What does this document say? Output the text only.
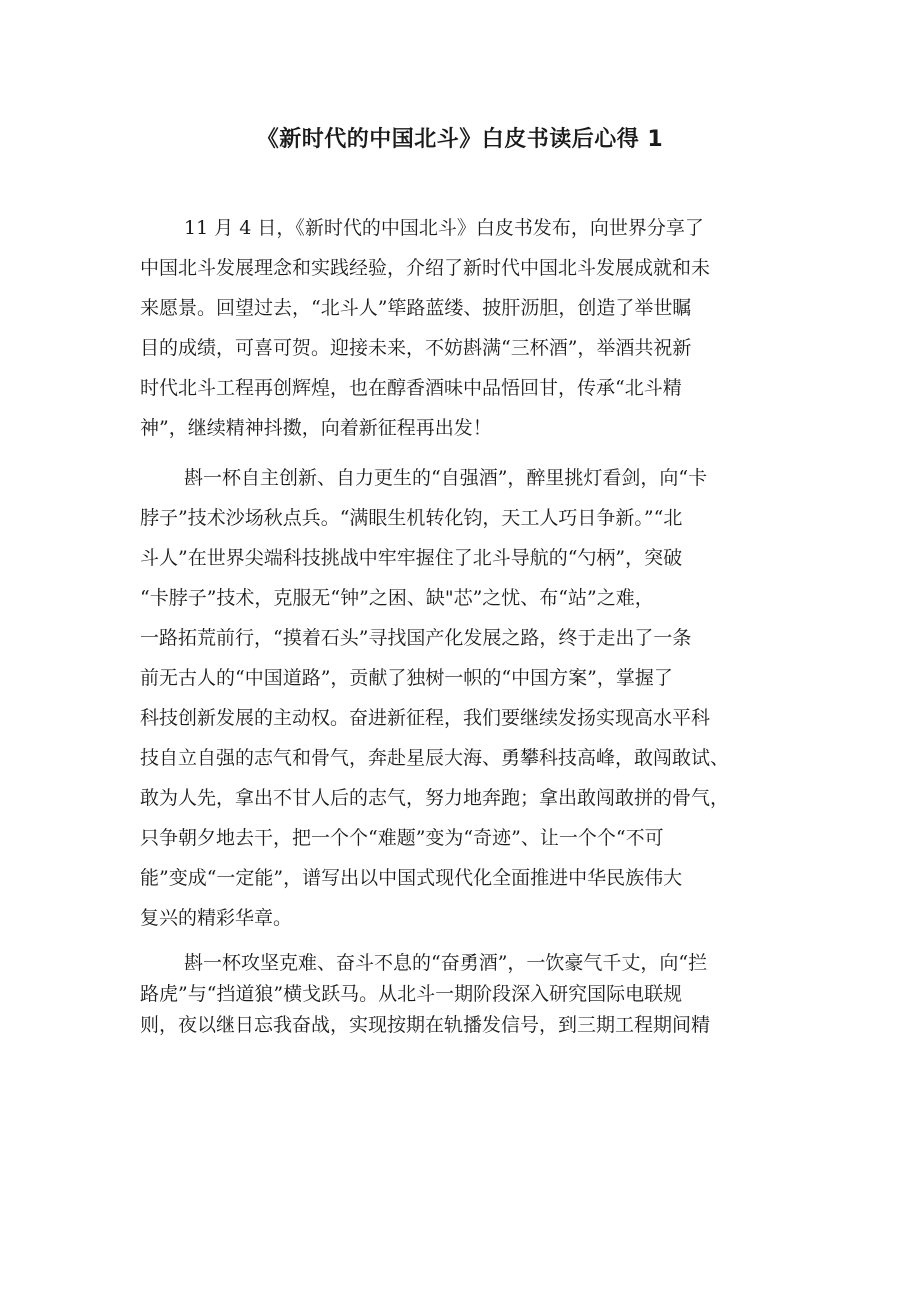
《新时代的中国北斗》白皮书读后心得 1
11 月 4 日，《新时代的中国北斗》白皮书发布，向世界分享了
中国北斗发展理念和实践经验，介绍了新时代中国北斗发展成就和未
来愿景。回望过去，“北斗人”筚路蓝缕、披肝沥胆，创造了举世瞩
目的成绩，可喜可贺。迎接未来，不妨斟满“三杯酒”，举酒共祝新
时代北斗工程再创辉煌，也在醇香酒味中品悟回甘，传承“北斗精
神”，继续精神抖擞，向着新征程再出发！
斟一杯自主创新、自力更生的“自强酒”，醉里挑灯看剑，向“卡
脖子”技术沙场秋点兵。“满眼生机转化钧，天工人巧日争新。”“北
斗人”在世界尖端科技挑战中牢牢握住了北斗导航的“勺柄”，突破
“卡脖子”技术，克服无“钟”之困、缺"芯”之忧、布“站”之难，
一路拓荒前行，“摸着石头”寻找国产化发展之路，终于走出了一条
前无古人的“中国道路”，贡献了独树一帜的“中国方案”，掌握了
科技创新发展的主动权。奋进新征程，我们要继续发扬实现高水平科
技自立自强的志气和骨气，奔赴星辰大海、勇攀科技高峰，敢闯敢试、
敢为人先，拿出不甘人后的志气，努力地奔跑；拿出敢闯敢拼的骨气，
只争朝夕地去干，把一个个“难题”变为“奇迹”、让一个个“不可
能”变成“一定能”，谱写出以中国式现代化全面推进中华民族伟大
复兴的精彩华章。
斟一杯攻坚克难、奋斗不息的“奋勇酒”，一饮豪气千丈，向“拦
路虎”与“挡道狼”横戈跃马。从北斗一期阶段深入研究国际电联规
则，夜以继日忘我奋战，实现按期在轨播发信号，到三期工程期间精
